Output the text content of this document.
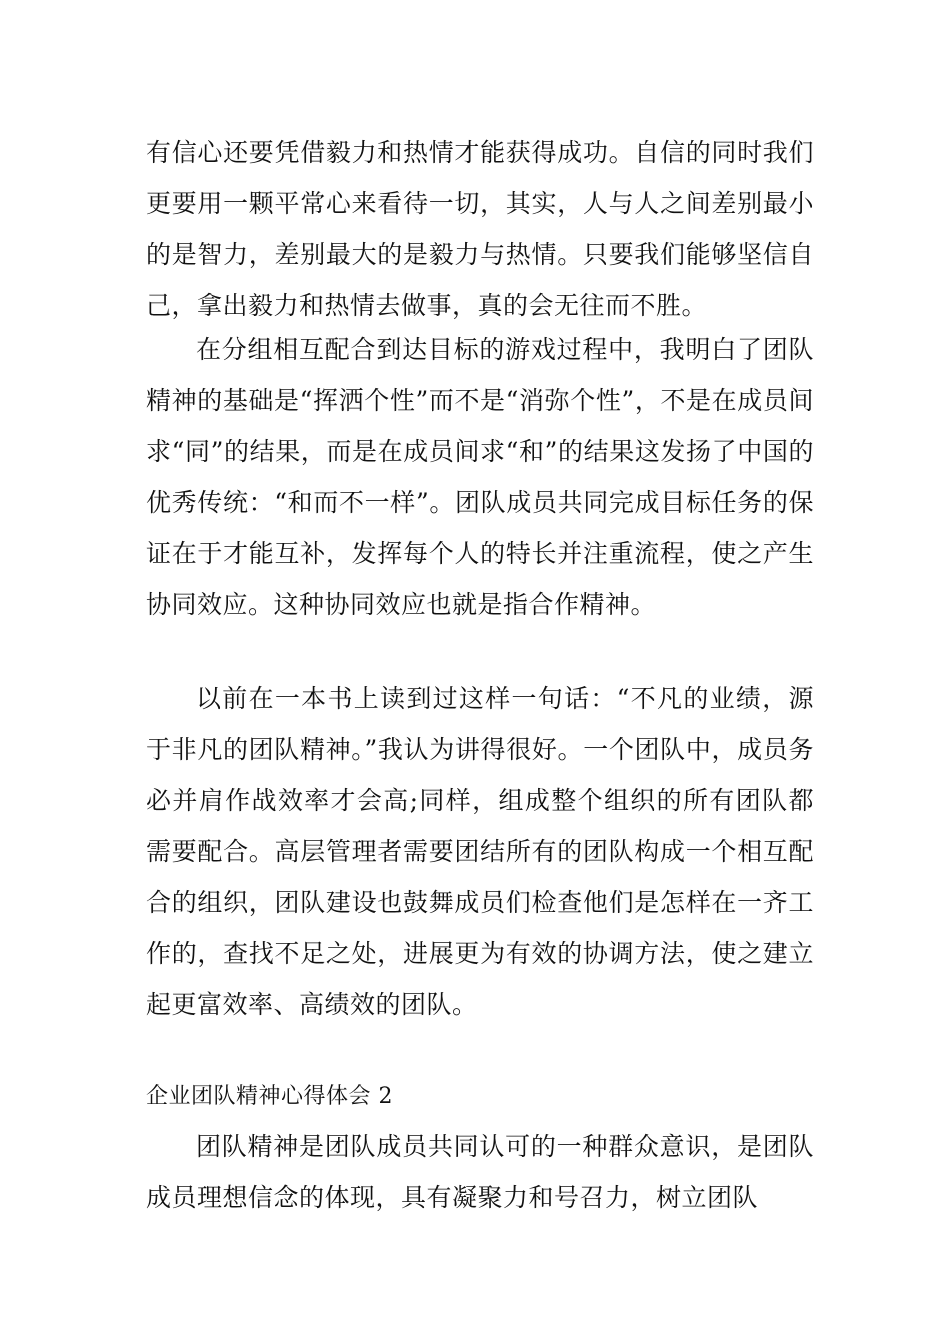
有信心还要凭借毅力和热情才能获得成功。自信的同时我们更要用一颗平常心来看待一切，其实，人与人之间差别最小的是智力，差别最大的是毅力与热情。只要我们能够坚信自己，拿出毅力和热情去做事，真的会无往而不胜。

在分组相互配合到达目标的游戏过程中，我明白了团队精神的基础是“挥洒个性”而不是“消弥个性”，不是在成员间求“同”的结果，而是在成员间求“和”的结果这发扬了中国的优秀传统：“和而不一样”。团队成员共同完成目标任务的保证在于才能互补，发挥每个人的特长并注重流程，使之产生协同效应。这种协同效应也就是指合作精神。

以前在一本书上读到过这样一句话：“不凡的业绩，源于非凡的团队精神。”我认为讲得很好。一个团队中，成员务必并肩作战效率才会高;同样，组成整个组织的所有团队都需要配合。高层管理者需要团结所有的团队构成一个相互配合的组织，团队建设也鼓舞成员们检查他们是怎样在一齐工作的，查找不足之处，进展更为有效的协调方法，使之建立起更富效率、高绩效的团队。

企业团队精神心得体会 2

团队精神是团队成员共同认可的一种群众意识，是团队成员理想信念的体现，具有凝聚力和号召力，树立团队
